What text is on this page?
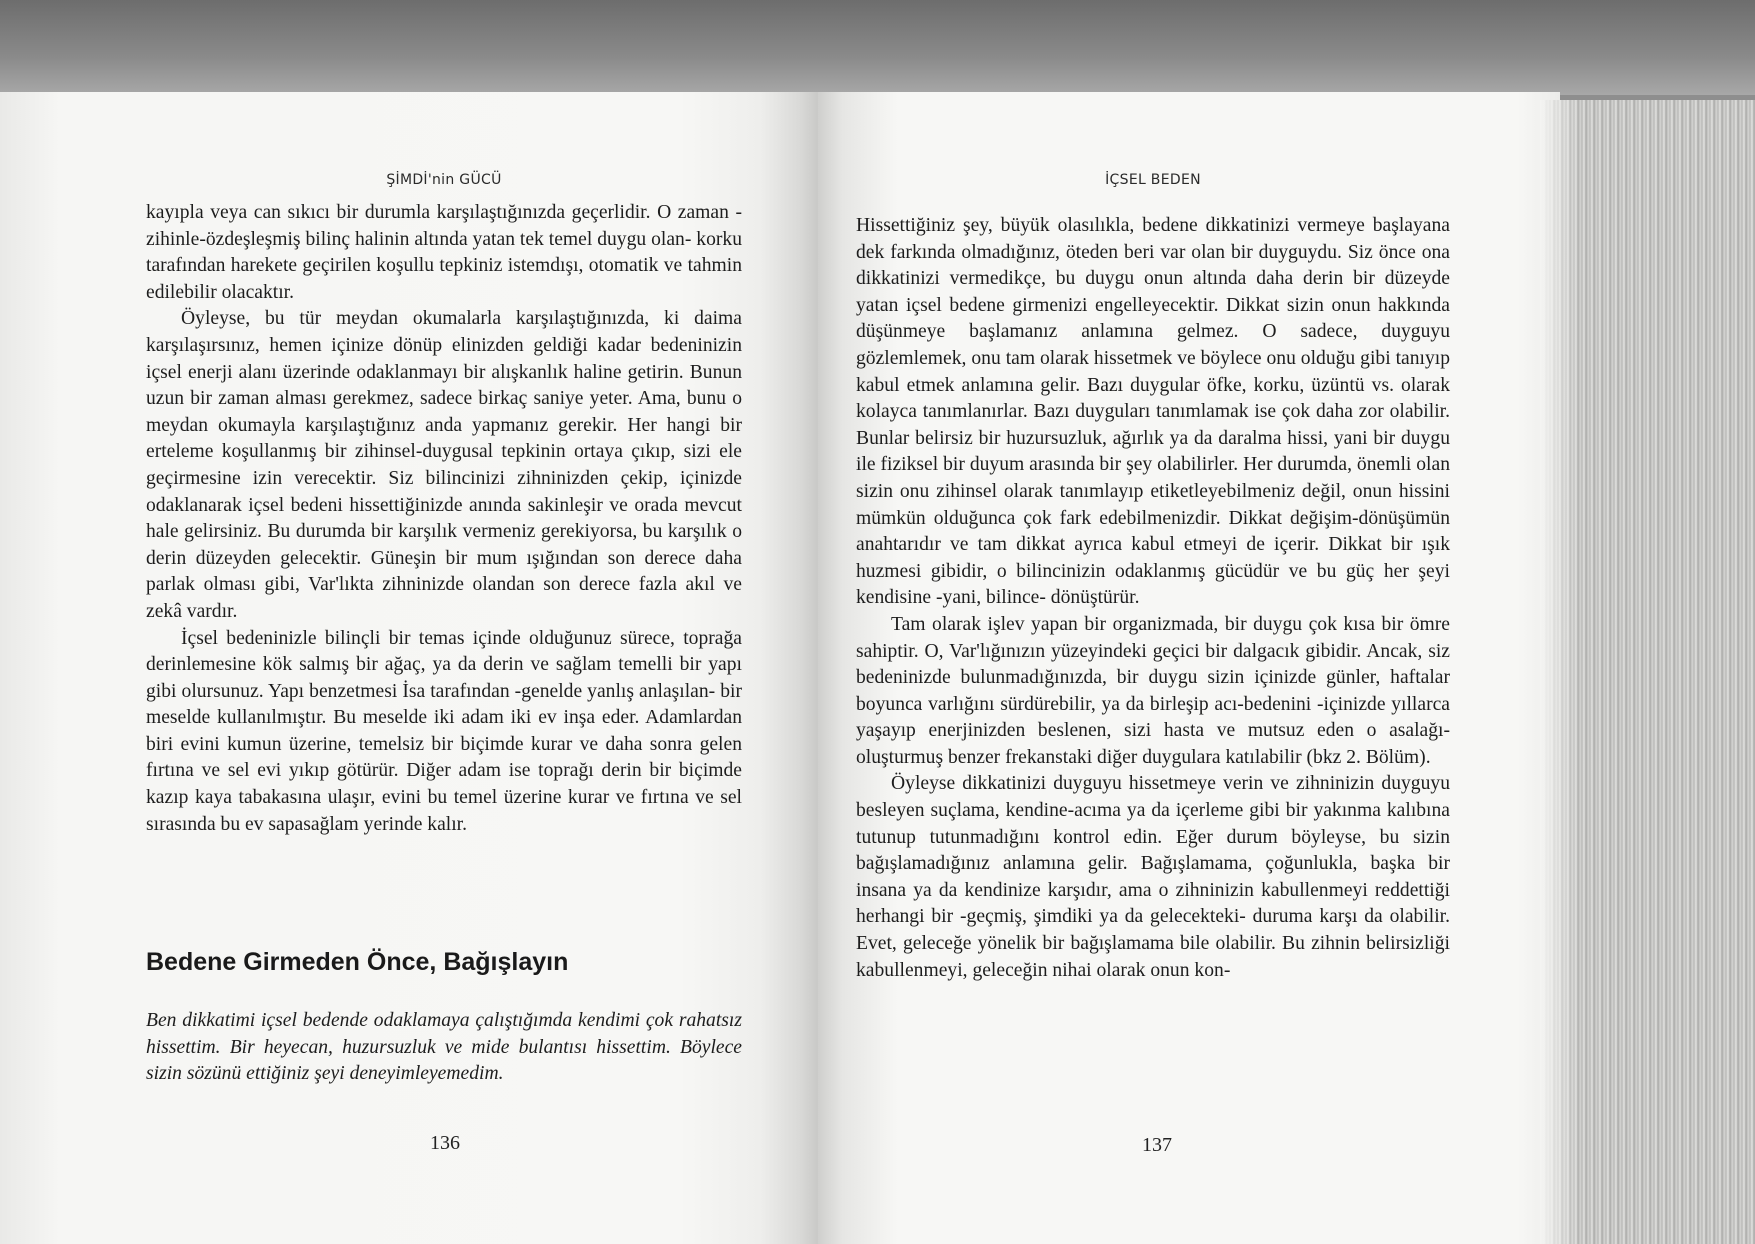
ŞİMDİ'nin GÜCÜ

kayıpla veya can sıkıcı bir durumla karşılaştığınızda geçerlidir. O zaman -zihinle-özdeşleşmiş bilinç halinin altında yatan tek temel duygu olan- korku tarafından harekete geçirilen koşullu tepkiniz istemdışı, otomatik ve tahmin edilebilir olacaktır.

Öyleyse, bu tür meydan okumalarla karşılaştığınızda, ki daima karşılaşırsınız, hemen içinize dönüp elinizden geldiği kadar bedeninizin içsel enerji alanı üzerinde odaklanmayı bir alışkanlık haline getirin. Bunun uzun bir zaman alması gerekmez, sadece birkaç saniye yeter. Ama, bunu o meydan okumayla karşılaştığınız anda yapmanız gerekir. Her hangi bir erteleme koşullanmış bir zihinsel-duygusal tepkinin ortaya çıkıp, sizi ele geçirmesine izin verecektir. Siz bilincinizi zihninizden çekip, içinizde odaklanarak içsel bedeni hissettiğinizde anında sakinleşir ve orada mevcut hale gelirsiniz. Bu durumda bir karşılık vermeniz gerekiyorsa, bu karşılık o derin düzeyden gelecektir. Güneşin bir mum ışığından son derece daha parlak olması gibi, Var'lıkta zihninizde olandan son derece fazla akıl ve zekâ vardır.

İçsel bedeninizle bilinçli bir temas içinde olduğunuz sürece, toprağa derinlemesine kök salmış bir ağaç, ya da derin ve sağlam temelli bir yapı gibi olursunuz. Yapı benzetmesi İsa tarafından -genelde yanlış anlaşılan- bir meselde kullanılmıştır. Bu meselde iki adam iki ev inşa eder. Adamlardan biri evini kumun üzerine, temelsiz bir biçimde kurar ve daha sonra gelen fırtına ve sel evi yıkıp götürür. Diğer adam ise toprağı derin bir biçimde kazıp kaya tabakasına ulaşır, evini bu temel üzerine kurar ve fırtına ve sel sırasında bu ev sapasağlam yerinde kalır.

Bedene Girmeden Önce, Bağışlayın
Ben dikkatimi içsel bedende odaklamaya çalıştığımda kendimi çok rahatsız hissettim. Bir heyecan, huzursuzluk ve mide bulantısı hissettim. Böylece sizin sözünü ettiğiniz şeyi deneyimleyemedim.
136
İÇSEL BEDEN

Hissettiğiniz şey, büyük olasılıkla, bedene dikkatinizi vermeye başlayana dek farkında olmadığınız, öteden beri var olan bir duyguydu. Siz önce ona dikkatinizi vermedikçe, bu duygu onun altında daha derin bir düzeyde yatan içsel bedene girmenizi engelleyecektir. Dikkat sizin onun hakkında düşünmeye başlamanız anlamına gelmez. O sadece, duyguyu gözlemlemek, onu tam olarak hissetmek ve böylece onu olduğu gibi tanıyıp kabul etmek anlamına gelir. Bazı duygular öfke, korku, üzüntü vs. olarak kolayca tanımlanırlar. Bazı duyguları tanımlamak ise çok daha zor olabilir. Bunlar belirsiz bir huzursuzluk, ağırlık ya da daralma hissi, yani bir duygu ile fiziksel bir duyum arasında bir şey olabilirler. Her durumda, önemli olan sizin onu zihinsel olarak tanımlayıp etiketleyebilmeniz değil, onun hissini mümkün olduğunca çok fark edebilmenizdir. Dikkat değişim-dönüşümün anahtarıdır ve tam dikkat ayrıca kabul etmeyi de içerir. Dikkat bir ışık huzmesi gibidir, o bilincinizin odaklanmış gücüdür ve bu güç her şeyi kendisine -yani, bilince- dönüştürür.

Tam olarak işlev yapan bir organizmada, bir duygu çok kısa bir ömre sahiptir. O, Var'lığınızın yüzeyindeki geçici bir dalgacık gibidir. Ancak, siz bedeninizde bulunmadığınızda, bir duygu sizin içinizde günler, haftalar boyunca varlığını sürdürebilir, ya da birleşip acı-bedenini -içinizde yıllarca yaşayıp enerjinizden beslenen, sizi hasta ve mutsuz eden o asalağı- oluşturmuş benzer frekanstaki diğer duygulara katılabilir (bkz 2. Bölüm).

Öyleyse dikkatinizi duyguyu hissetmeye verin ve zihninizin duyguyu besleyen suçlama, kendine-acıma ya da içerleme gibi bir yakınma kalıbına tutunup tutunmadığını kontrol edin. Eğer durum böyleyse, bu sizin bağışlamadığınız anlamına gelir. Bağışlamama, çoğunlukla, başka bir insana ya da kendinize karşıdır, ama o zihninizin kabullenmeyi reddettiği herhangi bir -geçmiş, şimdiki ya da gelecekteki- duruma karşı da olabilir. Evet, geleceğe yönelik bir bağışlamama bile olabilir. Bu zihnin belirsizliği kabullenmeyi, geleceğin nihai olarak onun kon-

137
